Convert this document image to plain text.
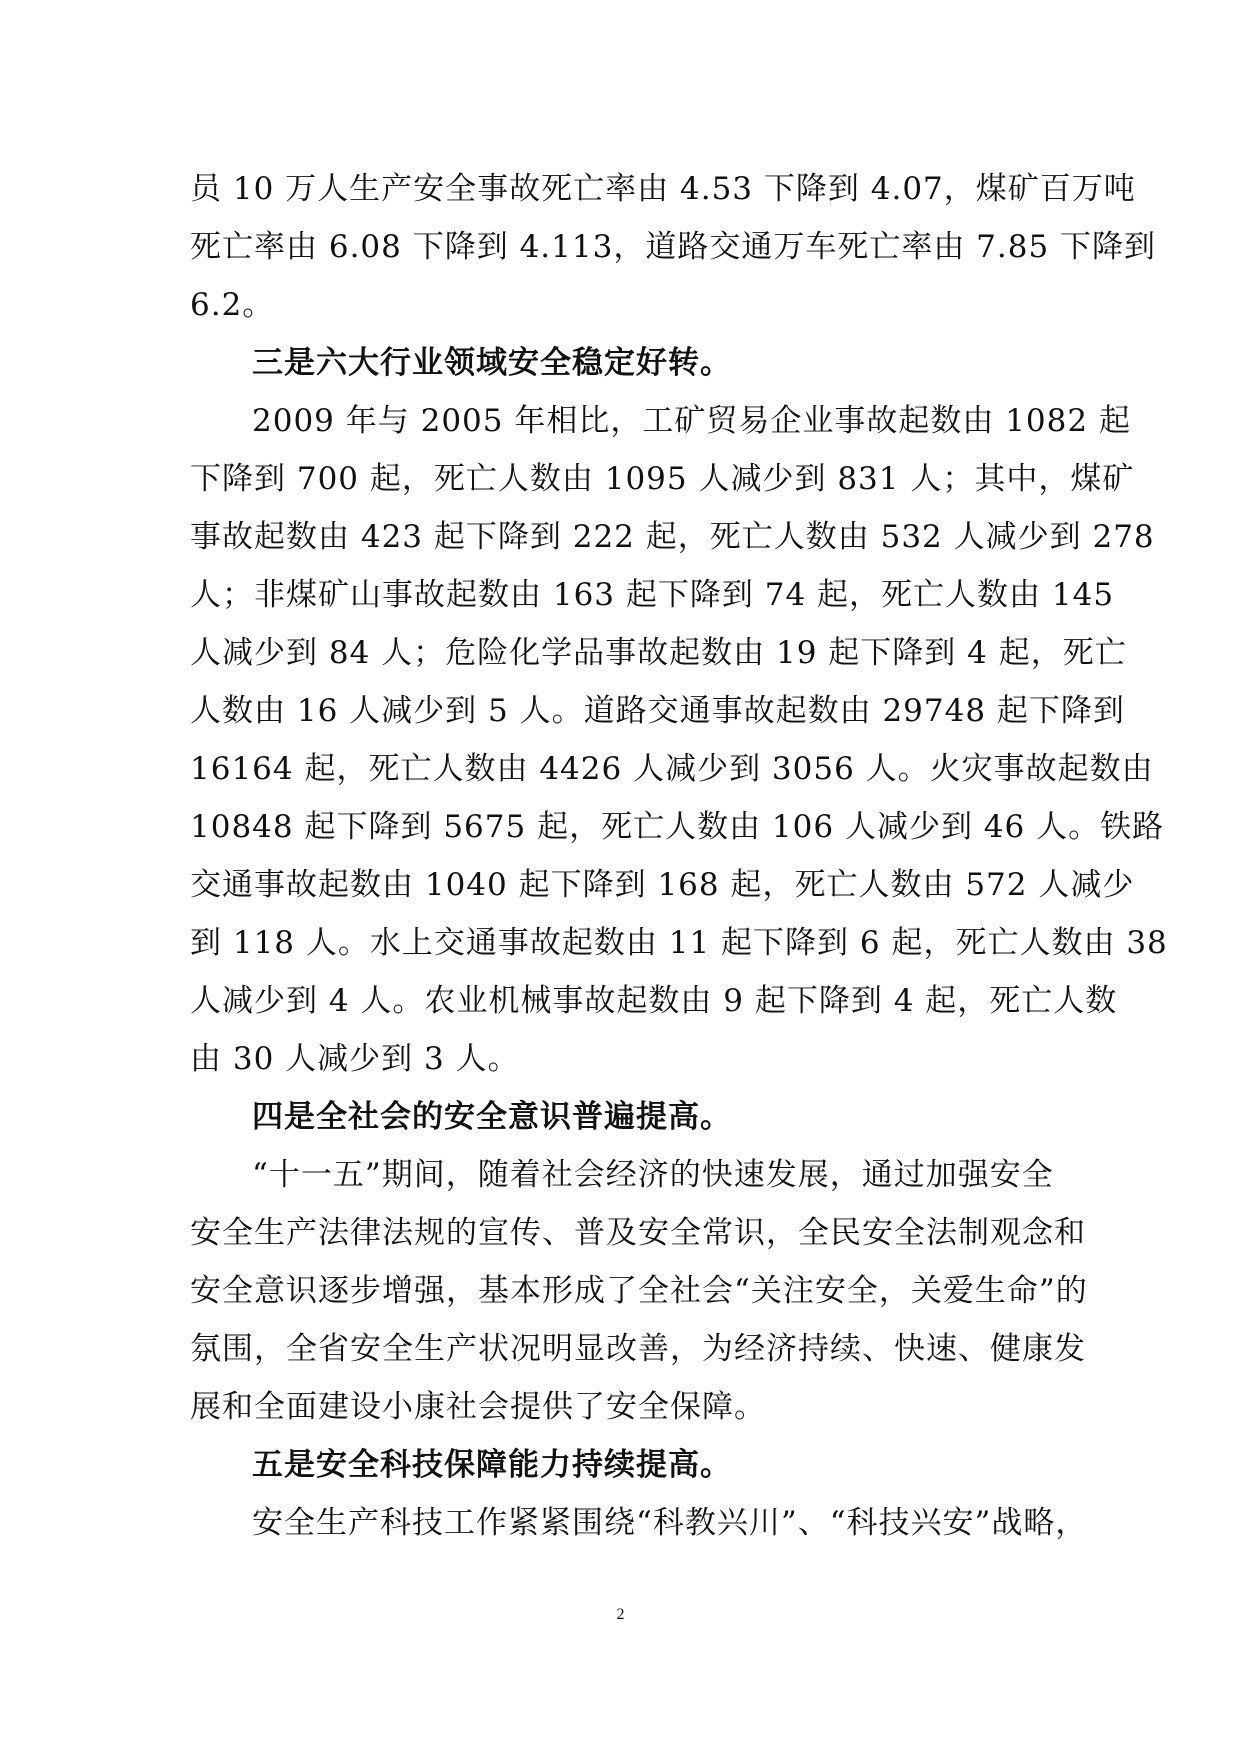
员 10 万人生产安全事故死亡率由 4.53 下降到 4.07，煤矿百万吨
死亡率由 6.08 下降到 4.113，道路交通万车死亡率由 7.85 下降到
6.2。
三是六大行业领域安全稳定好转。
2009 年与 2005 年相比，工矿贸易企业事故起数由 1082 起
下降到 700 起，死亡人数由 1095 人减少到 831 人；其中，煤矿
事故起数由 423 起下降到 222 起，死亡人数由 532 人减少到 278
人；非煤矿山事故起数由 163 起下降到 74 起，死亡人数由 145
人减少到 84 人；危险化学品事故起数由 19 起下降到 4 起，死亡
人数由 16 人减少到 5 人。道路交通事故起数由 29748 起下降到
16164 起，死亡人数由 4426 人减少到 3056 人。火灾事故起数由
10848 起下降到 5675 起，死亡人数由 106 人减少到 46 人。铁路
交通事故起数由 1040 起下降到 168 起，死亡人数由 572 人减少
到 118 人。水上交通事故起数由 11 起下降到 6 起，死亡人数由 38
人减少到 4 人。农业机械事故起数由 9 起下降到 4 起，死亡人数
由 30 人减少到 3 人。
四是全社会的安全意识普遍提高。
“十一五”期间，随着社会经济的快速发展，通过加强安全
安全生产法律法规的宣传、普及安全常识，全民安全法制观念和
安全意识逐步增强，基本形成了全社会“关注安全，关爱生命”的
氛围，全省安全生产状况明显改善，为经济持续、快速、健康发
展和全面建设小康社会提供了安全保障。
五是安全科技保障能力持续提高。
安全生产科技工作紧紧围绕“科教兴川”、“科技兴安”战略，
2
